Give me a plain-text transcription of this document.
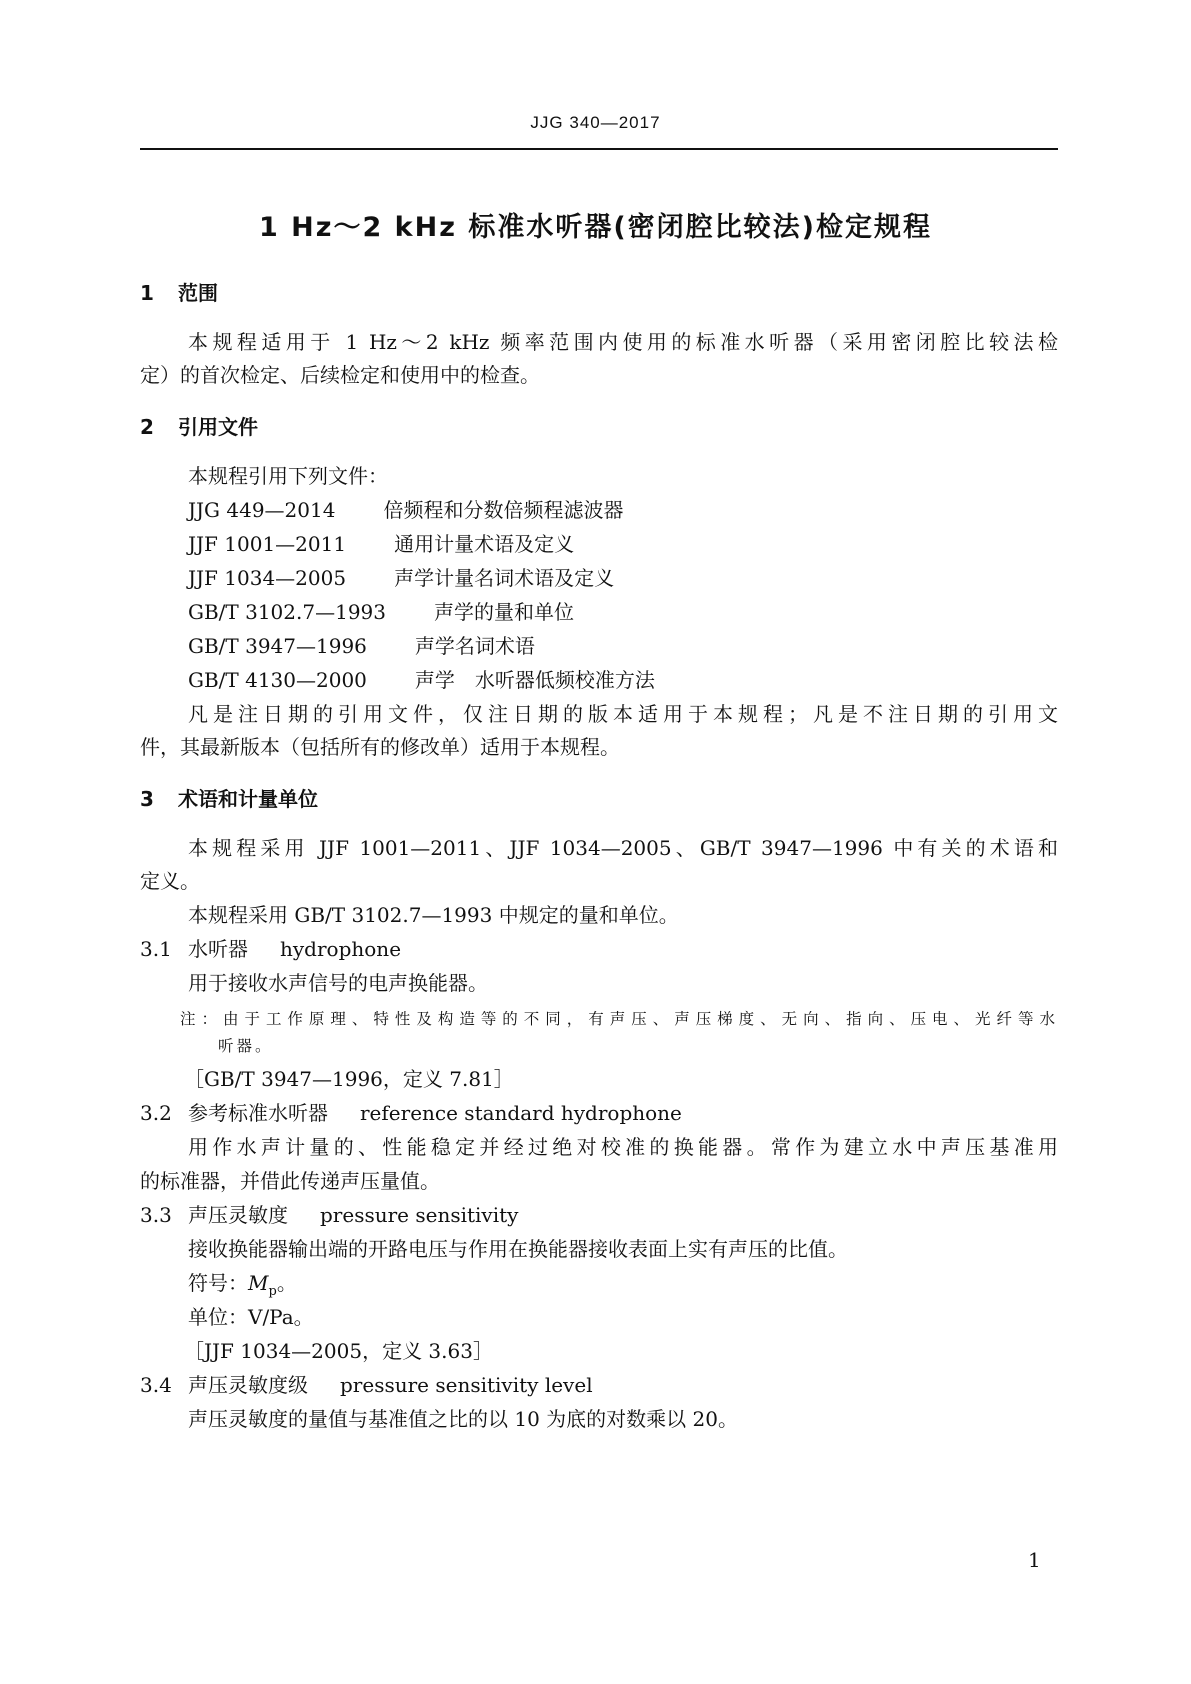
JJG 340—2017
1 Hz～2 kHz 标准水听器(密闭腔比较法)检定规程
1 范围
本规程适用于 1 Hz～2 kHz 频率范围内使用的标准水听器（采用密闭腔比较法检
定）的首次检定、后续检定和使用中的检查。
2 引用文件
本规程引用下列文件：
JJG 449—2014 倍频程和分数倍频程滤波器
JJF 1001—2011 通用计量术语及定义
JJF 1034—2005 声学计量名词术语及定义
GB/T 3102.7—1993 声学的量和单位
GB/T 3947—1996 声学名词术语
GB/T 4130—2000 声学　水听器低频校准方法
凡是注日期的引用文件，仅注日期的版本适用于本规程；凡是不注日期的引用文
件，其最新版本（包括所有的修改单）适用于本规程。
3 术语和计量单位
本规程采用 JJF 1001—2011、JJF 1034—2005、GB/T 3947—1996 中有关的术语和
定义。
本规程采用 GB/T 3102.7—1993 中规定的量和单位。
3.1 水听器 hydrophone
用于接收水声信号的电声换能器。
注：由于工作原理、特性及构造等的不同，有声压、声压梯度、无向、指向、压电、光纤等水
听器。
［GB/T 3947—1996，定义 7.81］
3.2 参考标准水听器 reference standard hydrophone
用作水声计量的、性能稳定并经过绝对校准的换能器。常作为建立水中声压基准用
的标准器，并借此传递声压量值。
3.3 声压灵敏度 pressure sensitivity
接收换能器输出端的开路电压与作用在换能器接收表面上实有声压的比值。
符号：$M_p$。
单位：V/Pa。
［JJF 1034—2005，定义 3.63］
3.4 声压灵敏度级 pressure sensitivity level
声压灵敏度的量值与基准值之比的以 10 为底的对数乘以 20。
1
